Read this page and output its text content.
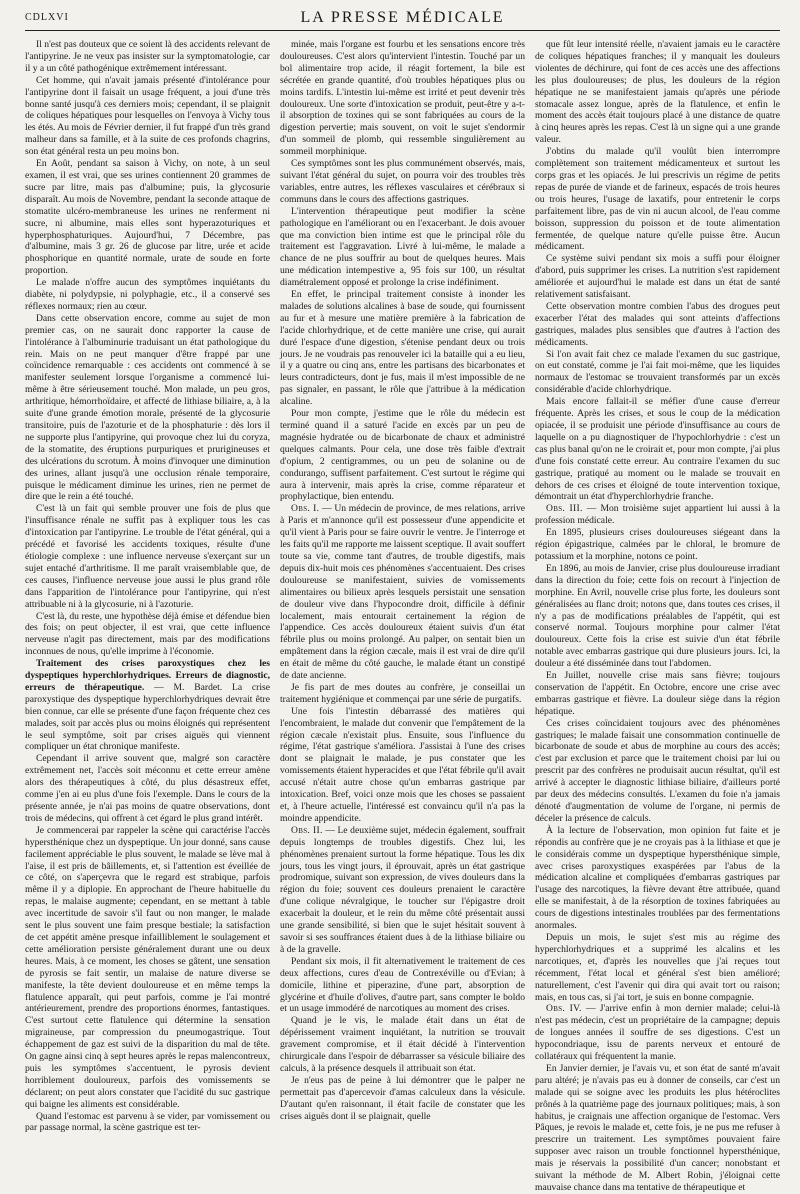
CDLXVI	LA PRESSE MÉDICALE

Il n'est pas douteux que ce soient là des accidents relevant de l'antipyrine. Je ne veux pas insister sur la symptomatologie, car il y a un côté pathogénique extrêmement intéressant.

Cet homme, qui n'avait jamais présenté d'intolérance pour l'antipyrine dont il faisait un usage fréquent, a joui d'une très bonne santé jusqu'à ces derniers mois; cependant, il se plaignit de coliques hépatiques pour lesquelles on l'envoya à Vichy tous les étés. Au mois de Février dernier, il fut frappé d'un très grand malheur dans sa famille, et à la suite de ces profonds chagrins, son état général resta un peu moins bon.

En Août, pendant sa saison à Vichy, on note, à un seul examen, il est vrai, que ses urines contiennent 20 grammes de sucre par litre, mais pas d'albumine; puis, la glycosurie disparaît. Au mois de Novembre, pendant la seconde attaque de stomatite ulcéro-membraneuse les urines ne renferment ni sucre, ni albumine, mais elles sont hyperazoturiques et hyperphosphaturiques. Aujourd'hui, 7 Décembre, pas d'albumine, mais 3 gr. 26 de glucose par litre, urée et acide phosphorique en quantité normale, urate de soude en forte proportion.

Le malade n'offre aucun des symptômes inquiétants du diabète, ni polydypsie, ni polyphagie, etc., il a conservé ses réflexes normaux; rien au cœur.

Dans cette observation encore, comme au sujet de mon premier cas, on ne saurait donc rapporter la cause de l'intolérance à l'albuminurie traduisant un état pathologique du rein. Mais on ne peut manquer d'être frappé par une coïncidence remarquable : ces accidents ont commencé à se manifester seulement lorsque l'organisme a commencé lui-même à être sérieusement touché. Mon malade, un peu gros, arthritique, hémorrhoïdaire, et affecté de lithiase biliaire, a, à la suite d'une grande émotion morale, présenté de la glycosurie transitoire, puis de l'azoturie et de la phosphaturie : dès lors il ne supporte plus l'antipyrine, qui provoque chez lui du coryza, de la stomatite, des éruptions purpuriques et prurigineuses et des ulcérations du scrotum. À moins d'invoquer une diminution des urines, allant jusqu'à une occlusion rénale temporaire, puisque le médicament diminue les urines, rien ne permet de dire que le rein a été touché.

C'est là un fait qui semble prouver une fois de plus que l'insuffisance rénale ne suffit pas à expliquer tous les cas d'intoxication par l'antipyrine. Le trouble de l'état général, qui a précédé et favorisé les accidents toxiques, résulte d'une étiologie complexe : une influence nerveuse s'exerçant sur un sujet entaché d'arthritisme. Il me paraît vraisemblable que, de ces causes, l'influence nerveuse joue aussi le plus grand rôle dans l'apparition de l'intolérance pour l'antipyrine, qui n'est attribuable ni à la glycosurie, ni à l'azoturie.

C'est là, du reste, une hypothèse déjà émise et défendue bien des fois; on peut objecter, il est vrai, que cette influence nerveuse n'agit pas directement, mais par des modifications inconnues de nous, qu'elle imprime à l'économie.

Traitement des crises paroxystiques chez les dyspeptiques hyperchlorhydriques. Erreurs de diagnostic, erreurs de thérapeutique. — M. Bardet. La crise paroxystique des dyspeptique hyperchlorhydriques devrait être bien connue, car elle se présente d'une façon fréquente chez ces malades, soit par accès plus ou moins éloignés qui représentent le seul symptôme, soit par crises aiguës qui viennent compliquer un état chronique manifeste.

Cependant il arrive souvent que, malgré son caractère extrêmement net, l'accès soit méconnu et cette erreur amène alors des thérapeutiques à côté, du plus désastreux effet, comme j'en ai eu plus d'une fois l'exemple. Dans le cours de la présente année, je n'ai pas moins de quatre observations, dont trois de médecins, qui offrent à cet égard le plus grand intérêt.

Je commencerai par rappeler la scène qui caractérise l'accès hypersthénique chez un dyspeptique. Un jour donné, sans cause facilement appréciable le plus souvent, le malade se lève mal à l'aise, il est pris de bâillements, et, si l'attention est éveillée de ce côté, on s'aperçevra que le regard est strabique, parfois même il y a diplopie. En approchant de l'heure habituelle du repas, le malaise augmente; cependant, en se mettant à table avec incertitude de savoir s'il faut ou non manger, le malade sent le plus souvent une faim presque bestiale; la satisfaction de cet appétit amène presque infailliblement le soulagement et cette amélioration persiste généralement durant une ou deux heures. Mais, à ce moment, les choses se gâtent, une sensation de pyrosis se fait sentir, un malaise de nature diverse se manifeste, la tête devient douloureuse et en même temps la flatulence apparaît, qui peut parfois, comme je l'ai montré antérieurement, prendre des proportions énormes, fantastiques. C'est surtout cette flatulence qui détermine la sensation migraineuse, par compression du pneumogastrique. Tout échappement de gaz est suivi de la disparition du mal de tête. On gagne ainsi cinq à sept heures après le repas malencontreux, puis les symptômes s'accentuent, le pyrosis devient horriblement douloureux, parfois des vomissements se déclarent; on peut alors constater que l'acidité du suc gastrique qui baigne les aliments est considérable.

Quand l'estomac est parvenu à se vider, par vomissement ou par passage normal, la scène gastrique est ter-

minée, mais l'organe est fourbu et les sensations encore très douloureuses. C'est alors qu'intervient l'intestin. Touché par un bol alimentaire trop acide, il réagit fortement, la bile est sécrétée en grande quantité, d'où troubles hépatiques plus ou moins tardifs. L'intestin lui-même est irrité et peut devenir très douloureux. Une sorte d'intoxication se produit, peut-être y a-t-il absorption de toxines qui se sont fabriquées au cours de la digestion pervertie; mais souvent, on voit le sujet s'endormir d'un sommeil de plomb, qui ressemble singulièrement au sommeil morphinique.

Ces symptômes sont les plus communément observés, mais, suivant l'état général du sujet, on pourra voir des troubles très variables, entre autres, les réflexes vasculaires et cérébraux si communs dans le cours des affections gastriques.

L'intervention thérapeutique peut modifier la scène pathologique en l'améliorant ou en l'exacerbant. Je dois avouer que ma conviction bien intime est que le principal rôle du traitement est l'aggravation. Livré à lui-même, le malade a chance de ne plus souffrir au bout de quelques heures. Mais une médication intempestive a, 95 fois sur 100, un résultat diamétralement opposé et prolonge la crise indéfiniment.

En effet, le principal traitement consiste à inonder les malades de solutions alcalines à base de soude, qui fournissent au fur et à mesure une matière première à la fabrication de l'acide chlorhydrique, et de cette manière une crise, qui aurait duré l'espace d'une digestion, s'étenise pendant deux ou trois jours. Je ne voudrais pas renouveler ici la bataille qui a eu lieu, il y a quatre ou cinq ans, entre les partisans des bicarbonates et leurs contradicteurs, dont je fus, mais il m'est impossible de ne pas signaler, en passant, le rôle que j'attribue à la médication alcaline.

Pour mon compte, j'estime que le rôle du médecin est terminé quand il a saturé l'acide en excès par un peu de magnésie hydratée ou de bicarbonate de chaux et administré quelques calmants. Pour cela, une dose très faible d'extrait d'opium, 2 centigrammes, ou un peu de solanine ou de condurango, suffisent parfaitement. C'est surtout le régime qui aura à intervenir, mais après la crise, comme réparateur et prophylactique, bien entendu.

Obs. I. — Un médecin de province, de mes relations, arrive à Paris et m'annonce qu'il est possesseur d'une appendicite et qu'il vient à Paris pour se faire ouvrir le ventre. Je l'interroge et les faits qu'il me rapporte me laissent sceptique. Il avait souffert toute sa vie, comme tant d'autres, de trouble digestifs, mais depuis dix-huit mois ces phénomènes s'accentuaient. Des crises douloureuse se manifestaient, suivies de vomissements alimentaires ou bilieux après lesquels persistait une sensation de douleur vive dans l'hypocondre droit, difficile à définir localement, mais entourait certainement la région de l'appendice. Ces accès douloureux étaient suivis d'un état fébrile plus ou moins prolongé. Au palper, on sentait bien un empâtement dans la région cæcale, mais il est vrai de dire qu'il en était de même du côté gauche, le malade étant un constipé de date ancienne.

Je fis part de mes doutes au confrère, je conseillai un traitement hygiénique et commençai par une série de purgatifs.

Une fois l'intestin débarrassé des matières qui l'encombraient, le malade dut convenir que l'empâtement de la région cæcale n'existait plus. Ensuite, sous l'influence du régime, l'état gastrique s'améliora. J'assistai à l'une des crises dont se plaignait le malade, je pus constater que les vomissements étaient hyperacides et que l'état fébrile qu'il avait accusé n'était autre chose qu'un embarras gastrique par intoxication. Bref, voici onze mois que les choses se passaient et, à l'heure actuelle, l'intéressé est convaincu qu'il n'a pas la moindre appendicite.

Obs. II. — Le deuxième sujet, médecin également, souffrait depuis longtemps de troubles digestifs. Chez lui, les phénomènes prenaient surtout la forme hépatique. Tous les dix jours, tous les vingt jours, il éprouvait, après un état gastrique prodromique, suivant son expression, de vives douleurs dans la région du foie; souvent ces douleurs prenaient le caractère d'une colique névralgique, le toucher sur l'épigastre droit exacerbait la douleur, et le rein du même côté présentait aussi une grande sensibilité, si bien que le sujet hésitait souvent à savoir si ses souffrances étaient dues à de la lithiase biliaire ou à de la gravelle.

Pendant six mois, il fit alternativement le traitement de ces deux affections, cures d'eau de Contrexéville ou d'Evian; à domicile, lithine et piperazine, d'une part, absorption de glycérine et d'huile d'olives, d'autre part, sans compter le boldo et un usage immodéré de narcotiques au moment des crises.

Quand je le vis, le malade était dans un état de dépérissement vraiment inquiétant, la nutrition se trouvait gravement compromise, et il était décidé à l'intervention chirurgicale dans l'espoir de débarrasser sa vésicule biliaire des calculs, à la présence desquels il attribuait son état.

Je n'eus pas de peine à lui démontrer que le palper ne permettait pas d'apercevoir d'amas calculeux dans la vésicule. D'autant qu'en raisonnant, il était facile de constater que les crises aiguës dont il se plaignait, quelle

que fût leur intensité réelle, n'avaient jamais eu le caractère de coliques hépatiques franches; il y manquait les douleurs violentes de déchirure, qui font de ces accès une des affections les plus douloureuses; de plus, les douleurs de la région hépatique ne se manifestaient jamais qu'après une période stomacale assez longue, après de la flatulence, et enfin le moment des accès était toujours placé à une distance de quatre à cinq heures après les repas. C'est là un signe qui a une grande valeur.

J'obtins du malade qu'il voulût bien interrompre complètement son traitement médicamenteux et surtout les corps gras et les opiacés. Je lui prescrivis un régime de petits repas de purée de viande et de farineux, espacés de trois heures ou trois heures, l'usage de laxatifs, pour entretenir le corps parfaitement libre, pas de vin ni aucun alcool, de l'eau comme boisson, suppression du poisson et de toute alimentation fermentée, de quelque nature qu'elle puisse être. Aucun médicament.

Ce système suivi pendant six mois a suffi pour éloigner d'abord, puis supprimer les crises. La nutrition s'est rapidement améliorée et aujourd'hui le malade est dans un état de santé relativement satisfaisant.

Cette observation montre combien l'abus des drogues peut exacerber l'état des malades qui sont atteints d'affections gastriques, malades plus sensibles que d'autres à l'action des médicaments.

Si l'on avait fait chez ce malade l'examen du suc gastrique, on eut constaté, comme je l'ai fait moi-même, que les liquides normaux de l'estomac se trouvaient transformés par un excès considérable d'acide chlorhydrique.

Mais encore fallait-il se méfier d'une cause d'erreur fréquente. Après les crises, et sous le coup de la médication opiacée, il se produisit une période d'insuffisance au cours de laquelle on a pu diagnostiquer de l'hypochlorhydrie : c'est un cas plus banal qu'on ne le croirait et, pour mon compte, j'ai plus d'une fois constaté cette erreur. Au contraire l'examen du suc gastrique, pratiqué au moment ou le malade se trouvait en dehors de ces crises et éloigné de toute intervention toxique, démontrait un état d'hyperchlorhydrie franche.

Obs. III. — Mon troisième sujet appartient lui aussi à la profession médicale.

En 1895, plusieurs crises douloureuses siégeant dans la région épigastrique, calmées par le chloral, le bromure de potassium et la morphine, notons ce point.

En 1896, au mois de Janvier, crise plus douloureuse irradiant dans la direction du foie; cette fois on recourt à l'injection de morphine. En Avril, nouvelle crise plus forte, les douleurs sont généralisées au flanc droit; notons que, dans toutes ces crises, il n'y a pas de modifications préalables de l'appétit, qui est conservé normal. Toujours morphine pour calmer l'état douloureux. Cette fois la crise est suivie d'un état fébrile notable avec embarras gastrique qui dure plusieurs jours. Ici, la douleur a été disséminée dans tout l'abdomen.

En Juillet, nouvelle crise mais sans fièvre; toujours conservation de l'appétit. En Octobre, encore une crise avec embarras gastrique et fièvre. La douleur siège dans la région hépatique.

Ces crises coïncidaient toujours avec des phénomènes gastriques; le malade faisait une consommation continuelle de bicarbonate de soude et abus de morphine au cours des accès; c'est par exclusion et parce que le traitement choisi par lui ou prescrit par des confrères ne produisait aucun résultat, qu'il est arrivé à accepter le diagnostic lithiase biliaire, d'ailleurs porté par deux des médecins consultés. L'examen du foie n'a jamais dénoté d'augmentation de volume de l'organe, ni permis de déceler la présence de calculs.

À la lecture de l'observation, mon opinion fut faite et je répondis au confrère que je ne croyais pas à la lithiase et que je le considérais comme un dyspeptique hypersthénique simple, avec crises paroxystiques exaspérées par l'abus de la médication alcaline et compliquées d'embarras gastriques par l'usage des narcotiques, la fièvre devant être attribuée, quand elle se manifestait, à de la résorption de toxines fabriquées au cours de digestions intestinales troublées par des fermentations anormales.

Depuis un mois, le sujet s'est mis au régime des hyperchlorhydriques et a supprimé les alcalins et les narcotiques, et, d'après les nouvelles que j'ai reçues tout récemment, l'état local et général s'est bien amélioré; naturellement, c'est l'avenir qui dira qui avait tort ou raison; mais, en tous cas, si j'ai tort, je suis en bonne compagnie.

Obs. IV. — J'arrive enfin à mon dernier malade; celui-là n'est pas médecin, c'est un propriétaire de la campagne; depuis de longues années il souffre de ses digestions. C'est un hypocondriaque, issu de parents nerveux et entouré de collatéraux qui fréquentent la manie.

En Janvier dernier, je l'avais vu, et son état de santé m'avait paru altéré; je n'avais pas eu à donner de conseils, car c'est un malade qui se soigne avec les produits les plus hétéroclites prônés à la quatrième page des journaux politiques; mais, à son habitus, je craignais une affection organique de l'estomac. Vers Pâques, je revois le malade et, cette fois, je ne pus me refuser à prescrire un traitement. Les symptômes pouvaient faire supposer avec raison un trouble fonctionnel hypersthénique, mais je réservais la possibilité d'un cancer; nonobstant et suivant la méthode de M. Albert Robin, j'éloignai cette mauvaise chance dans ma tentative de thérapeutique et
